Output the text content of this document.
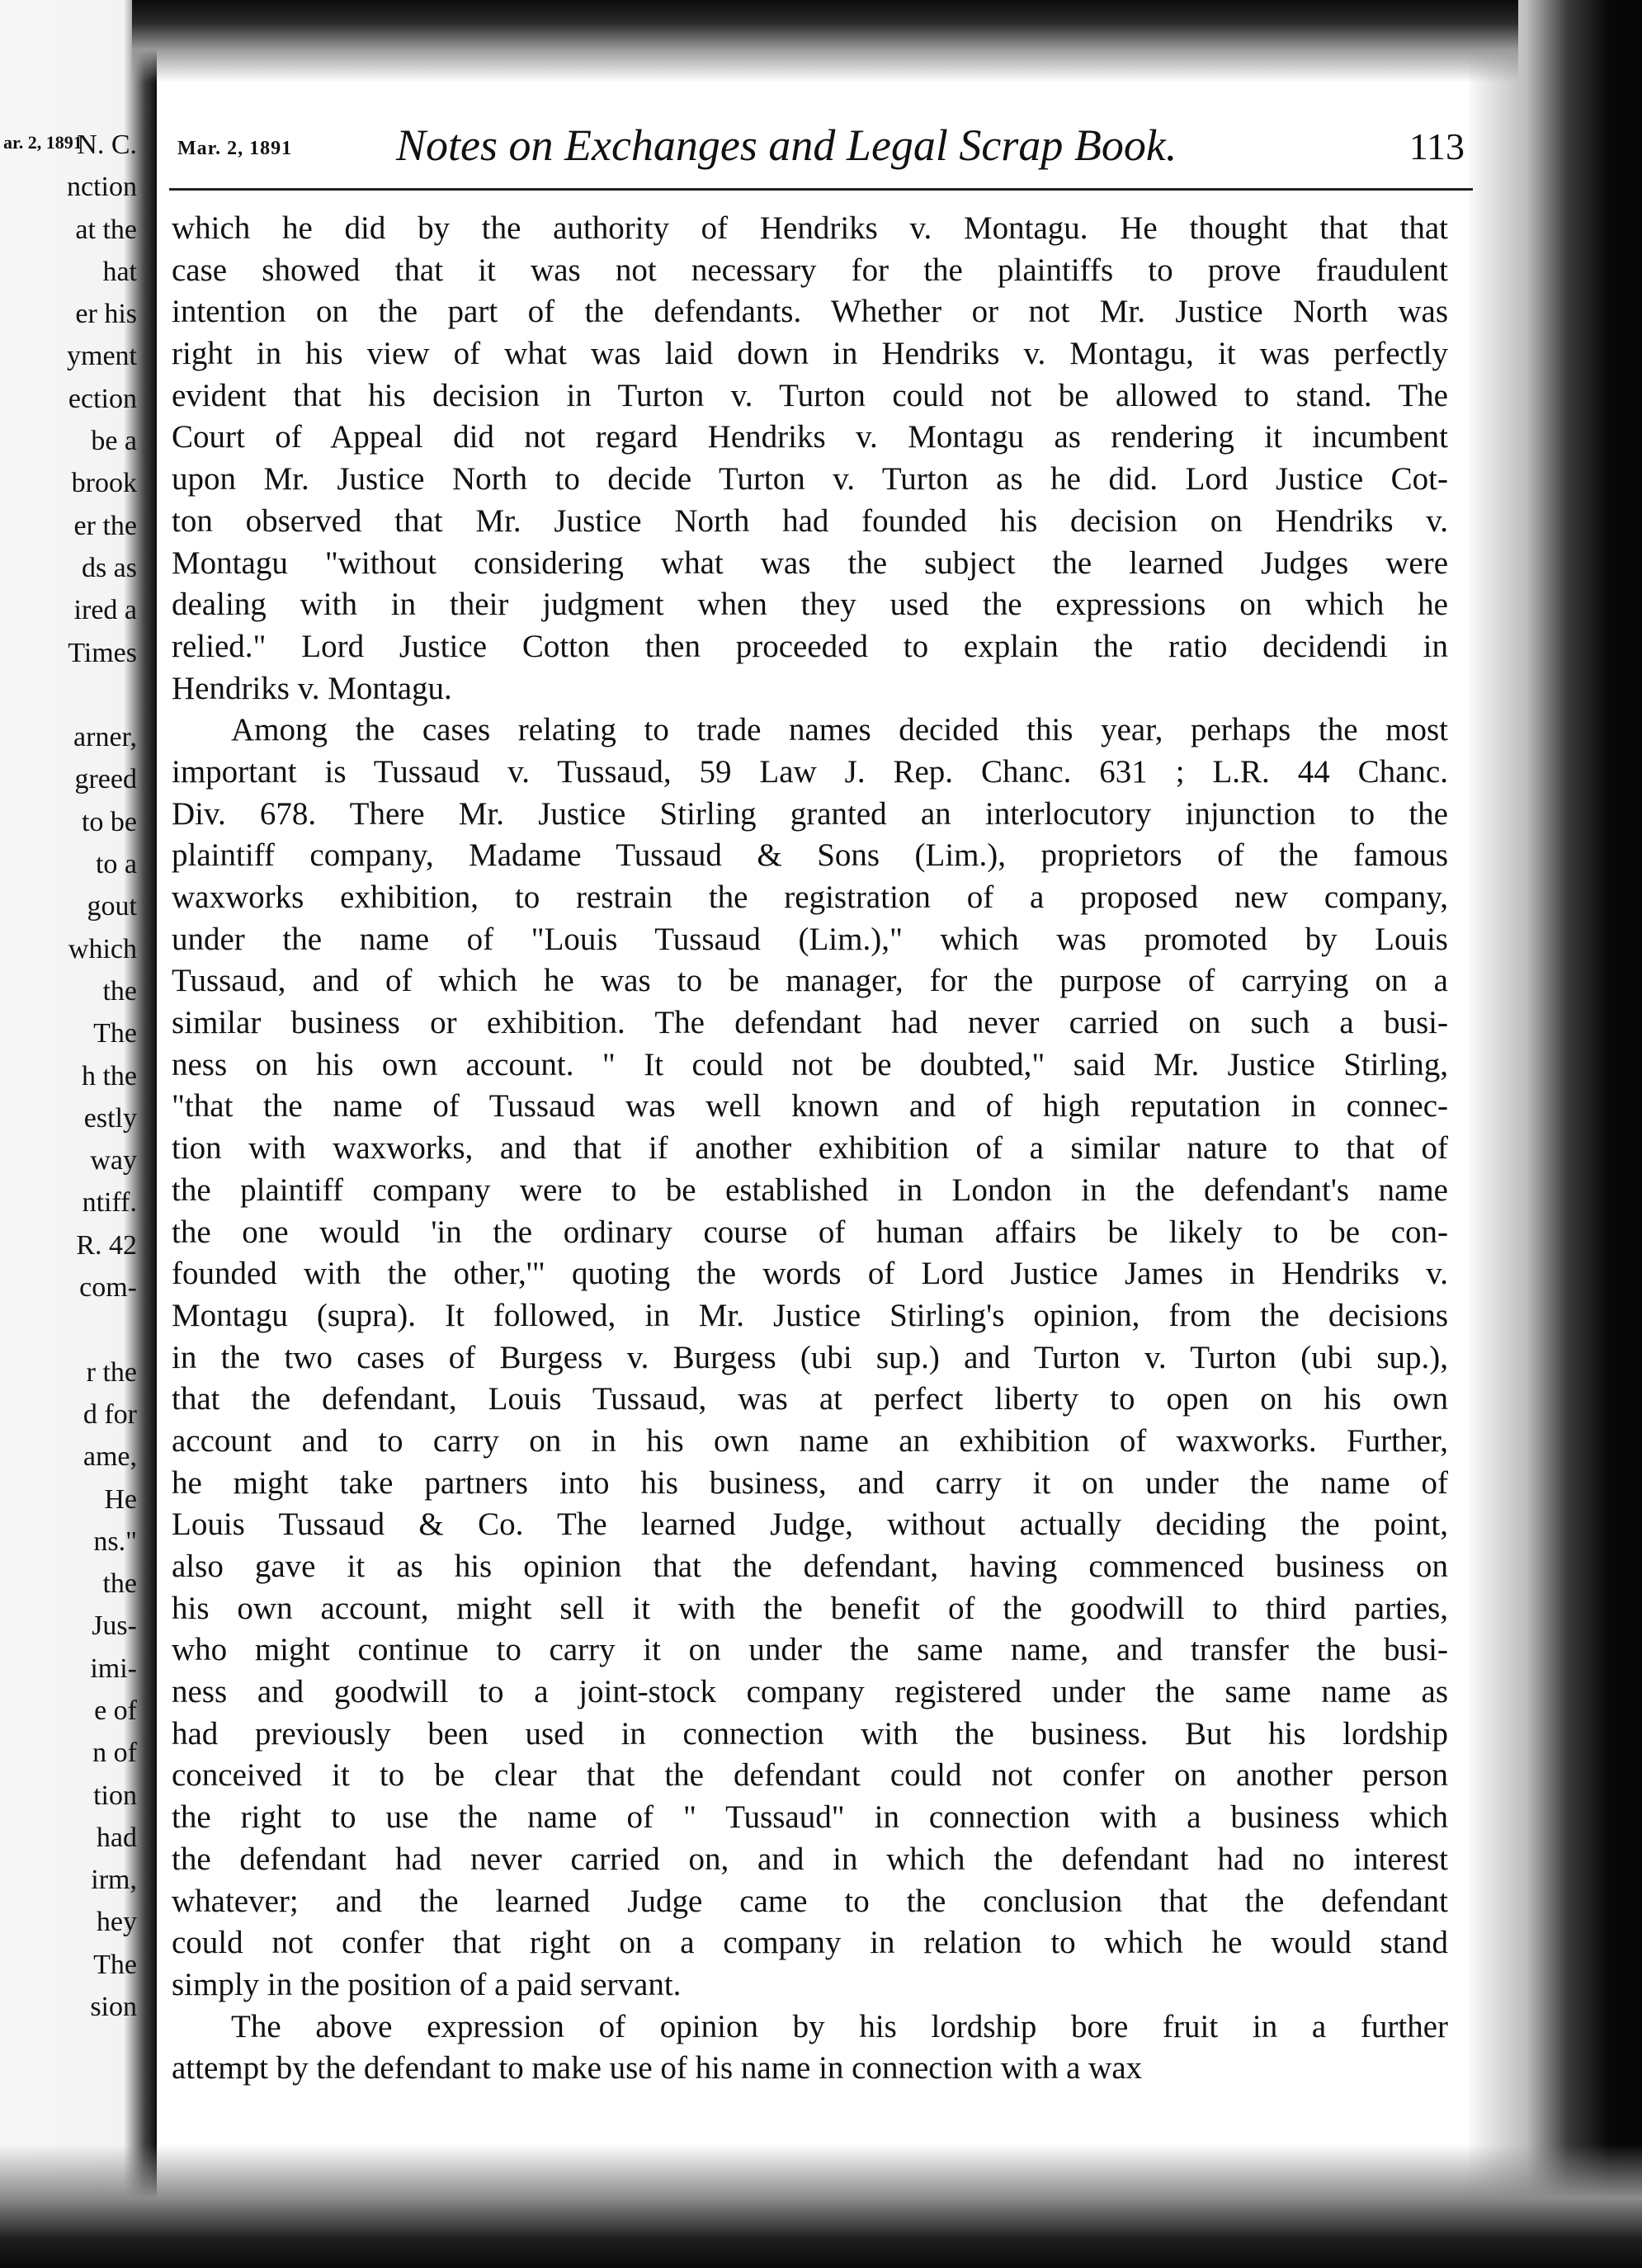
ar. 2, 1891
N. C.
nction
at the
hat
er his
yment
ection
be a
brook
er the
ds as
ired a
Times
arner,
greed
to be
to a
gout
which
the
The
h the
estly
way
ntiff.
R. 42
com-
r the
d for
ame,
He
ns."
the
Jus-
imi-
e of
n of
tion
had
irm,
hey
The
sion
Mar. 2, 1891 Notes on Exchanges and Legal Scrap Book.	113
which he did by the authority of Hendriks v. Montagu. He thought that that
case showed that it was not necessary for the plaintiffs to prove fraudulent
intention on the part of the defendants. Whether or not Mr. Justice North was
right in his view of what was laid down in Hendriks v. Montagu, it was perfectly
evident that his decision in Turton v. Turton could not be allowed to stand. The
Court of Appeal did not regard Hendriks v. Montagu as rendering it incumbent
upon Mr. Justice North to decide Turton v. Turton as he did. Lord Justice Cot-
ton observed that Mr. Justice North had founded his decision on Hendriks v.
Montagu "without considering what was the subject the learned Judges were
dealing with in their judgment when they used the expressions on which he
relied." Lord Justice Cotton then proceeded to explain the ratio decidendi in
Hendriks v. Montagu.
Among the cases relating to trade names decided this year, perhaps the most
important is Tussaud v. Tussaud, 59 Law J. Rep. Chanc. 631 ; L.R. 44 Chanc.
Div. 678. There Mr. Justice Stirling granted an interlocutory injunction to the
plaintiff company, Madame Tussaud & Sons (Lim.), proprietors of the famous
waxworks exhibition, to restrain the registration of a proposed new company,
under the name of "Louis Tussaud (Lim.)," which was promoted by Louis
Tussaud, and of which he was to be manager, for the purpose of carrying on a
similar business or exhibition. The defendant had never carried on such a busi-
ness on his own account. " It could not be doubted," said Mr. Justice Stirling,
"that the name of Tussaud was well known and of high reputation in connec-
tion with waxworks, and that if another exhibition of a similar nature to that of
the plaintiff company were to be established in London in the defendant's name
the one would 'in the ordinary course of human affairs be likely to be con-
founded with the other,'" quoting the words of Lord Justice James in Hendriks v.
Montagu (supra). It followed, in Mr. Justice Stirling's opinion, from the decisions
in the two cases of Burgess v. Burgess (ubi sup.) and Turton v. Turton (ubi sup.),
that the defendant, Louis Tussaud, was at perfect liberty to open on his own
account and to carry on in his own name an exhibition of waxworks. Further,
he might take partners into his business, and carry it on under the name of
Louis Tussaud & Co. The learned Judge, without actually deciding the point,
also gave it as his opinion that the defendant, having commenced business on
his own account, might sell it with the benefit of the goodwill to third parties,
who might continue to carry it on under the same name, and transfer the busi-
ness and goodwill to a joint-stock company registered under the same name as
had previously been used in connection with the business. But his lordship
conceived it to be clear that the defendant could not confer on another person
the right to use the name of " Tussaud" in connection with a business which
the defendant had never carried on, and in which the defendant had no interest
whatever; and the learned Judge came to the conclusion that the defendant
could not confer that right on a company in relation to which he would stand
simply in the position of a paid servant.
The above expression of opinion by his lordship bore fruit in a further
attempt by the defendant to make use of his name in connection with a wax
